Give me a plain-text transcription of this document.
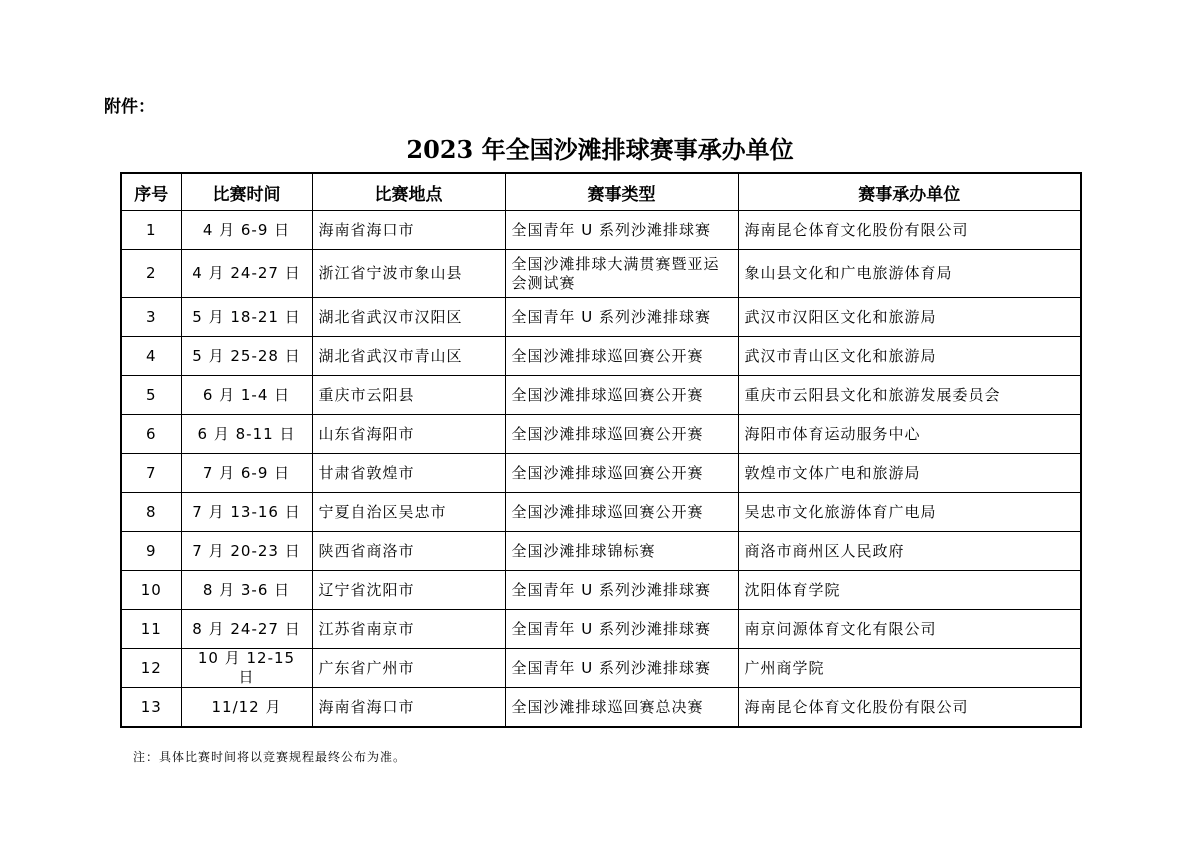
附件：

2023 年全国沙滩排球赛事承办单位
序号	比赛时间	比赛地点	赛事类型	赛事承办单位
1	4 月 6-9 日	海南省海口市	全国青年 U 系列沙滩排球赛	海南昆仑体育文化股份有限公司
2	4 月 24-27 日	浙江省宁波市象山县	全国沙滩排球大满贯赛暨亚运会测试赛	象山县文化和广电旅游体育局
3	5 月 18-21 日	湖北省武汉市汉阳区	全国青年 U 系列沙滩排球赛	武汉市汉阳区文化和旅游局
4	5 月 25-28 日	湖北省武汉市青山区	全国沙滩排球巡回赛公开赛	武汉市青山区文化和旅游局
5	6 月 1-4 日	重庆市云阳县	全国沙滩排球巡回赛公开赛	重庆市云阳县文化和旅游发展委员会
6	6 月 8-11 日	山东省海阳市	全国沙滩排球巡回赛公开赛	海阳市体育运动服务中心
7	7 月 6-9 日	甘肃省敦煌市	全国沙滩排球巡回赛公开赛	敦煌市文体广电和旅游局
8	7 月 13-16 日	宁夏自治区吴忠市	全国沙滩排球巡回赛公开赛	吴忠市文化旅游体育广电局
9	7 月 20-23 日	陕西省商洛市	全国沙滩排球锦标赛	商洛市商州区人民政府
10	8 月 3-6 日	辽宁省沈阳市	全国青年 U 系列沙滩排球赛	沈阳体育学院
11	8 月 24-27 日	江苏省南京市	全国青年 U 系列沙滩排球赛	南京问源体育文化有限公司
12	10 月 12-15 日	广东省广州市	全国青年 U 系列沙滩排球赛	广州商学院
13	11/12 月	海南省海口市	全国沙滩排球巡回赛总决赛	海南昆仑体育文化股份有限公司

注：具体比赛时间将以竞赛规程最终公布为准。
